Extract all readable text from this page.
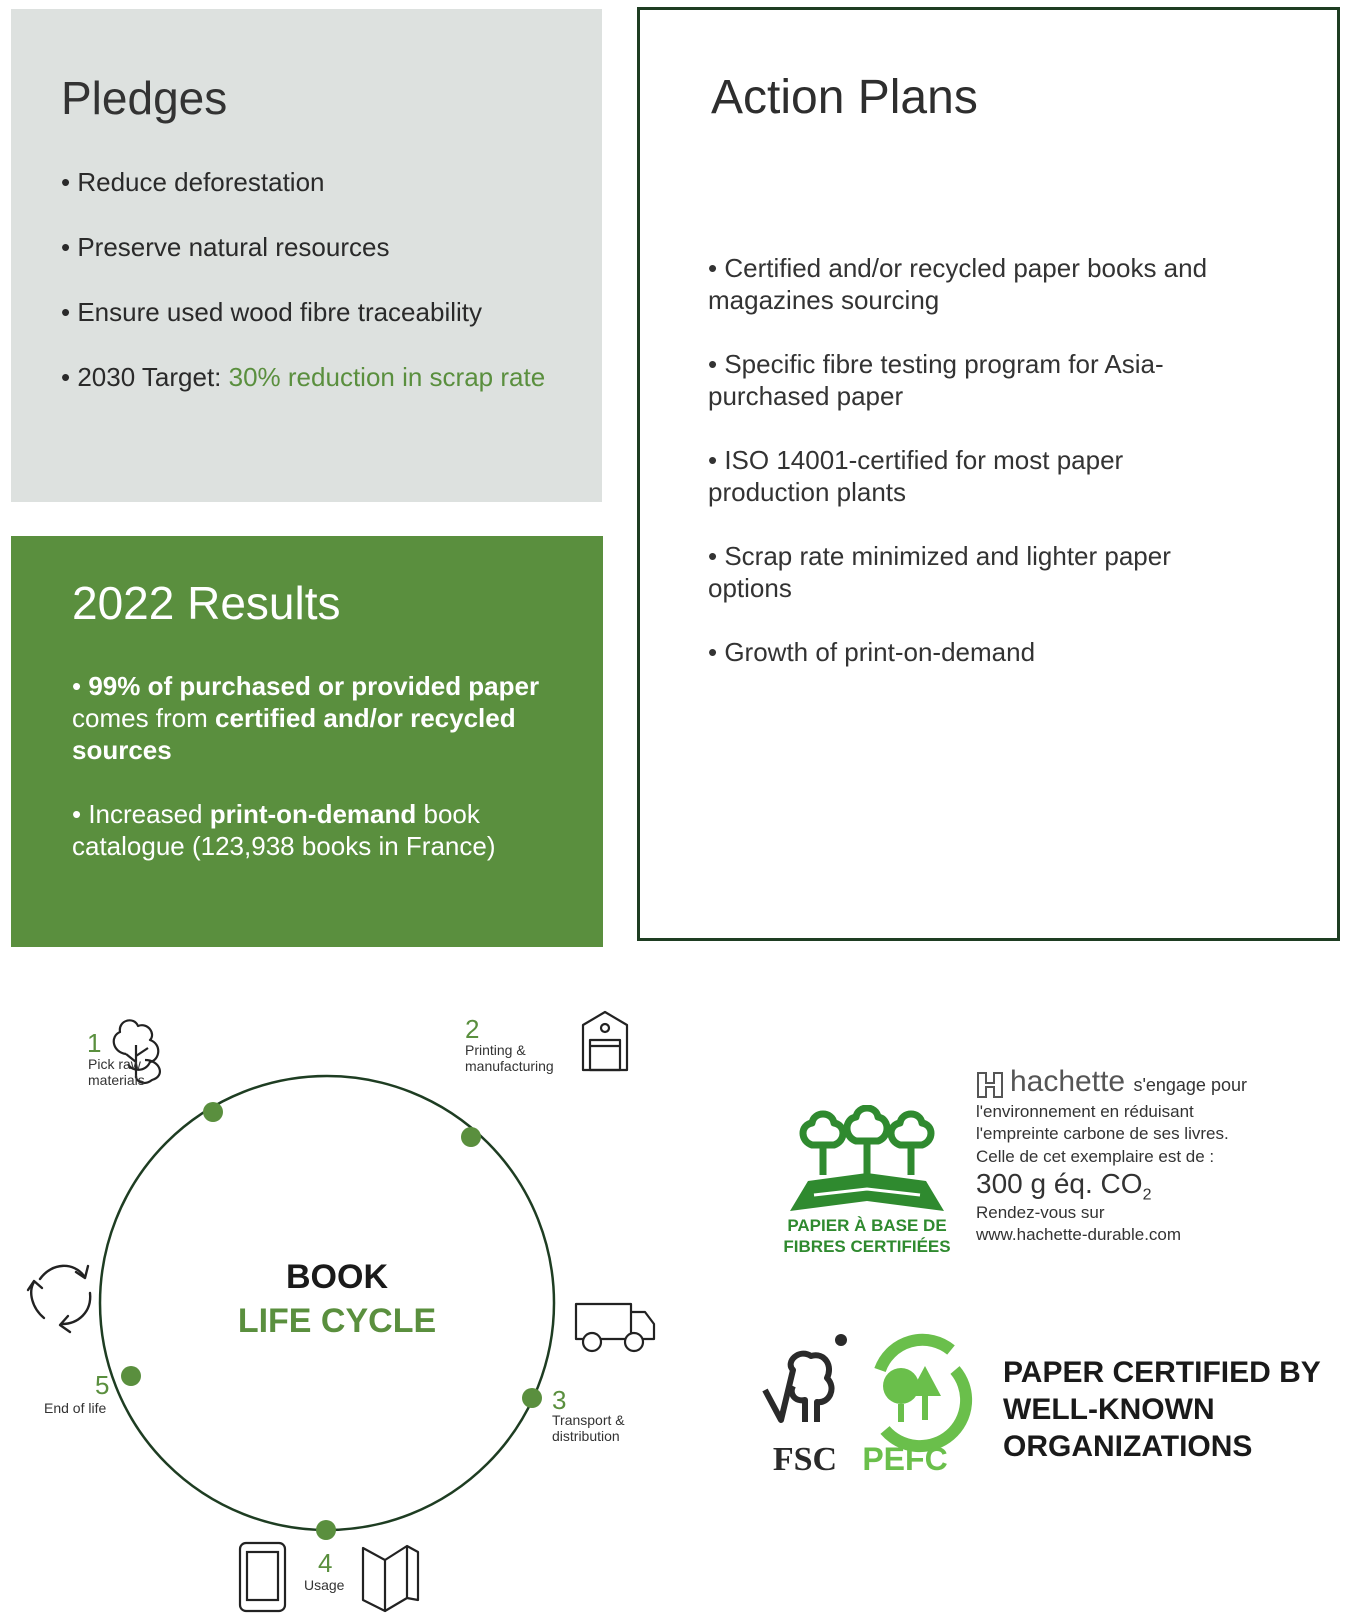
Pledges
• Reduce deforestation
• Preserve natural resources
• Ensure used wood fibre traceability
• 2030 Target: 30% reduction in scrap rate
2022 Results
• 99% of purchased or provided paper comes from certified and/or recycled sources
• Increased print-on-demand book catalogue (123,938 books in France)
Action Plans
• Certified and/or recycled paper books and magazines sourcing
• Specific fibre testing program for Asia-purchased paper
• ISO 14001-certified for most paper production plants
• Scrap rate minimized and lighter paper options
• Growth of print-on-demand
1
Pick raw
materials
2
Printing &
manufacturing
3
Transport &
distribution
4
Usage
5
End of life
BOOK
LIFE CYCLE
PAPIER À BASE DE
FIBRES CERTIFIÉES
hachette s'engage pour
l'environnement en réduisant
l'empreinte carbone de ses livres.
Celle de cet exemplaire est de :
300 g éq. $CO_2$
Rendez-vous sur
www.hachette-durable.com
FSC PEFC
PAPER CERTIFIED BY
WELL-KNOWN
ORGANIZATIONS
